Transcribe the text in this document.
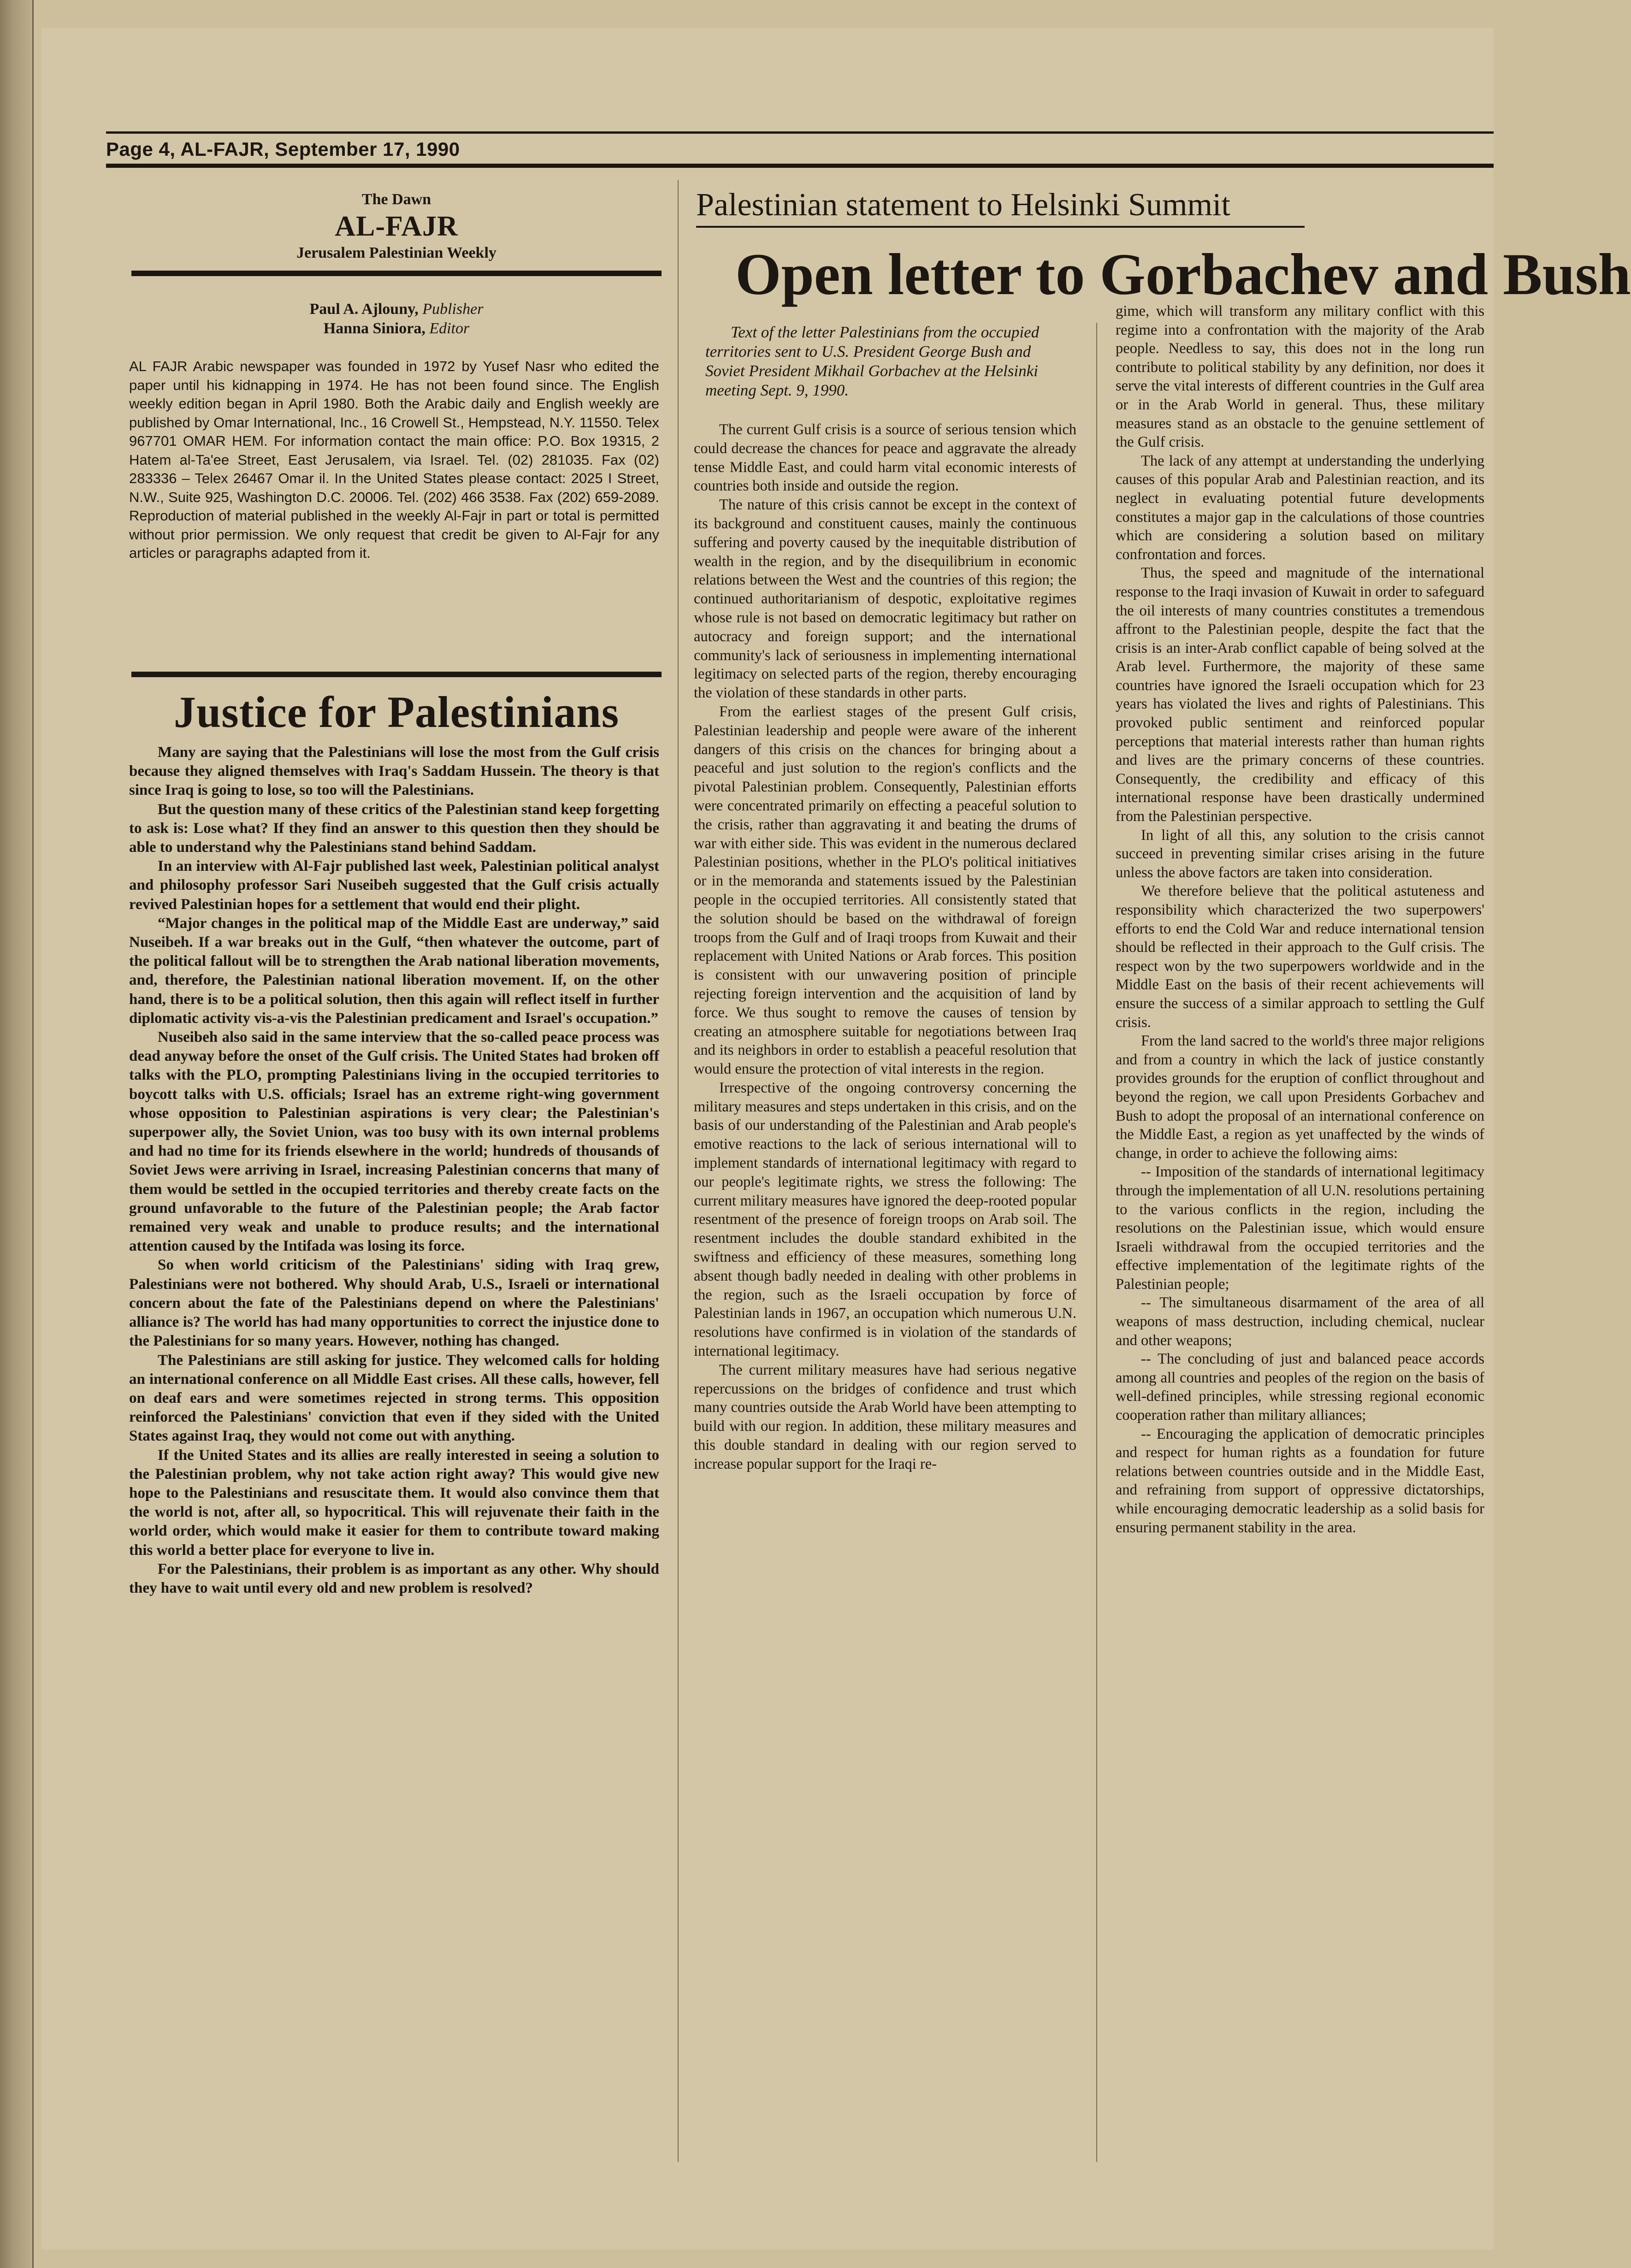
Page 4, AL-FAJR, September 17, 1990
The Dawn
AL-FAJR
Jerusalem Palestinian Weekly
Paul A. Ajlouny, Publisher
Hanna Siniora, Editor
AL FAJR Arabic newspaper was founded in 1972 by Yusef Nasr who edited the paper until his kidnapping in 1974. He has not been found since. The English weekly edition began in April 1980. Both the Arabic daily and English weekly are published by Omar International, Inc., 16 Crowell St., Hempstead, N.Y. 11550. Telex 967701 OMAR HEM. For information contact the main office: P.O. Box 19315, 2 Hatem al-Ta'ee Street, East Jerusalem, via Israel. Tel. (02) 281035. Fax (02) 283336 – Telex 26467 Omar il. In the United States please contact: 2025 I Street, N.W., Suite 925, Washington D.C. 20006. Tel. (202) 466 3538. Fax (202) 659-2089. Reproduction of material published in the weekly Al-Fajr in part or total is permitted without prior permission. We only request that credit be given to Al-Fajr for any articles or paragraphs adapted from it.
Justice for Palestinians

Many are saying that the Palestinians will lose the most from the Gulf crisis because they aligned themselves with Iraq's Saddam Hussein. The theory is that since Iraq is going to lose, so too will the Palestinians.

But the question many of these critics of the Palestinian stand keep forgetting to ask is: Lose what? If they find an answer to this question then they should be able to understand why the Palestinians stand behind Saddam.

In an interview with Al-Fajr published last week, Palestinian political analyst and philosophy professor Sari Nuseibeh suggested that the Gulf crisis actually revived Palestinian hopes for a settlement that would end their plight.

“Major changes in the political map of the Middle East are underway,” said Nuseibeh. If a war breaks out in the Gulf, “then whatever the outcome, part of the political fallout will be to strengthen the Arab national liberation movements, and, therefore, the Palestinian national liberation movement. If, on the other hand, there is to be a political solution, then this again will reflect itself in further diplomatic activity vis-a-vis the Palestinian predicament and Israel's occupation.”

Nuseibeh also said in the same interview that the so-called peace process was dead anyway before the onset of the Gulf crisis. The United States had broken off talks with the PLO, prompting Palestinians living in the occupied territories to boycott talks with U.S. officials; Israel has an extreme right-wing government whose opposition to Palestinian aspirations is very clear; the Palestinian's superpower ally, the Soviet Union, was too busy with its own internal problems and had no time for its friends elsewhere in the world; hundreds of thousands of Soviet Jews were arriving in Israel, increasing Palestinian concerns that many of them would be settled in the occupied territories and thereby create facts on the ground unfavorable to the future of the Palestinian people; the Arab factor remained very weak and unable to produce results; and the international attention caused by the Intifada was losing its force.

So when world criticism of the Palestinians' siding with Iraq grew, Palestinians were not bothered. Why should Arab, U.S., Israeli or international concern about the fate of the Palestinians depend on where the Palestinians' alliance is? The world has had many opportunities to correct the injustice done to the Palestinians for so many years. However, nothing has changed.

The Palestinians are still asking for justice. They welcomed calls for holding an international conference on all Middle East crises. All these calls, however, fell on deaf ears and were sometimes rejected in strong terms. This opposition reinforced the Palestinians' conviction that even if they sided with the United States against Iraq, they would not come out with anything.

If the United States and its allies are really interested in seeing a solution to the Palestinian problem, why not take action right away? This would give new hope to the Palestinians and resuscitate them. It would also convince them that the world is not, after all, so hypocritical. This will rejuvenate their faith in the world order, which would make it easier for them to contribute toward making this world a better place for everyone to live in.

For the Palestinians, their problem is as important as any other. Why should they have to wait until every old and new problem is resolved?

Palestinian statement to Helsinki Summit
Open letter to Gorbachev and Bush

Text of the letter Palestinians from the occupied territories sent to U.S. President George Bush and Soviet President Mikhail Gorbachev at the Helsinki meeting Sept. 9, 1990.

The current Gulf crisis is a source of serious tension which could decrease the chances for peace and aggravate the already tense Middle East, and could harm vital economic interests of countries both inside and outside the region.

The nature of this crisis cannot be except in the context of its background and constituent causes, mainly the continuous suffering and poverty caused by the inequitable distribution of wealth in the region, and by the disequilibrium in economic relations between the West and the countries of this region; the continued authoritarianism of despotic, exploitative regimes whose rule is not based on democratic legitimacy but rather on autocracy and foreign support; and the international community's lack of seriousness in implementing international legitimacy on selected parts of the region, thereby encouraging the violation of these standards in other parts.

From the earliest stages of the present Gulf crisis, Palestinian leadership and people were aware of the inherent dangers of this crisis on the chances for bringing about a peaceful and just solution to the region's conflicts and the pivotal Palestinian problem. Consequently, Palestinian efforts were concentrated primarily on effecting a peaceful solution to the crisis, rather than aggravating it and beating the drums of war with either side. This was evident in the numerous declared Palestinian positions, whether in the PLO's political initiatives or in the memoranda and statements issued by the Palestinian people in the occupied territories. All consistently stated that the solution should be based on the withdrawal of foreign troops from the Gulf and of Iraqi troops from Kuwait and their replacement with United Nations or Arab forces. This position is consistent with our unwavering position of principle rejecting foreign intervention and the acquisition of land by force. We thus sought to remove the causes of tension by creating an atmosphere suitable for negotiations between Iraq and its neighbors in order to establish a peaceful resolution that would ensure the protection of vital interests in the region.

Irrespective of the ongoing controversy concerning the military measures and steps undertaken in this crisis, and on the basis of our understanding of the Palestinian and Arab people's emotive reactions to the lack of serious international will to implement standards of international legitimacy with regard to our people's legitimate rights, we stress the following: The current military measures have ignored the deep-rooted popular resentment of the presence of foreign troops on Arab soil. The resentment includes the double standard exhibited in the swiftness and efficiency of these measures, something long absent though badly needed in dealing with other problems in the region, such as the Israeli occupation by force of Palestinian lands in 1967, an occupation which numerous U.N. resolutions have confirmed is in violation of the standards of international legitimacy.

The current military measures have had serious negative repercussions on the bridges of confidence and trust which many countries outside the Arab World have been attempting to build with our region. In addition, these military measures and this double standard in dealing with our region served to increase popular support for the Iraqi re-

gime, which will transform any military conflict with this regime into a confrontation with the majority of the Arab people. Needless to say, this does not in the long run contribute to political stability by any definition, nor does it serve the vital interests of different countries in the Gulf area or in the Arab World in general. Thus, these military measures stand as an obstacle to the genuine settlement of the Gulf crisis.

The lack of any attempt at understanding the underlying causes of this popular Arab and Palestinian reaction, and its neglect in evaluating potential future developments constitutes a major gap in the calculations of those countries which are considering a solution based on military confrontation and forces.

Thus, the speed and magnitude of the international response to the Iraqi invasion of Kuwait in order to safeguard the oil interests of many countries constitutes a tremendous affront to the Palestinian people, despite the fact that the crisis is an inter-Arab conflict capable of being solved at the Arab level. Furthermore, the majority of these same countries have ignored the Israeli occupation which for 23 years has violated the lives and rights of Palestinians. This provoked public sentiment and reinforced popular perceptions that material interests rather than human rights and lives are the primary concerns of these countries. Consequently, the credibility and efficacy of this international response have been drastically undermined from the Palestinian perspective.

In light of all this, any solution to the crisis cannot succeed in preventing similar crises arising in the future unless the above factors are taken into consideration.

We therefore believe that the political astuteness and responsibility which characterized the two superpowers' efforts to end the Cold War and reduce international tension should be reflected in their approach to the Gulf crisis. The respect won by the two superpowers worldwide and in the Middle East on the basis of their recent achievements will ensure the success of a similar approach to settling the Gulf crisis.

From the land sacred to the world's three major religions and from a country in which the lack of justice constantly provides grounds for the eruption of conflict throughout and beyond the region, we call upon Presidents Gorbachev and Bush to adopt the proposal of an international conference on the Middle East, a region as yet unaffected by the winds of change, in order to achieve the following aims:

-- Imposition of the standards of international legitimacy through the implementation of all U.N. resolutions pertaining to the various conflicts in the region, including the resolutions on the Palestinian issue, which would ensure Israeli withdrawal from the occupied territories and the effective implementation of the legitimate rights of the Palestinian people;

-- The simultaneous disarmament of the area of all weapons of mass destruction, including chemical, nuclear and other weapons;

-- The concluding of just and balanced peace accords among all countries and peoples of the region on the basis of well-defined principles, while stressing regional economic cooperation rather than military alliances;

-- Encouraging the application of democratic principles and respect for human rights as a foundation for future relations between countries outside and in the Middle East, and refraining from support of oppressive dictatorships, while encouraging democratic leadership as a solid basis for ensuring permanent stability in the area.
